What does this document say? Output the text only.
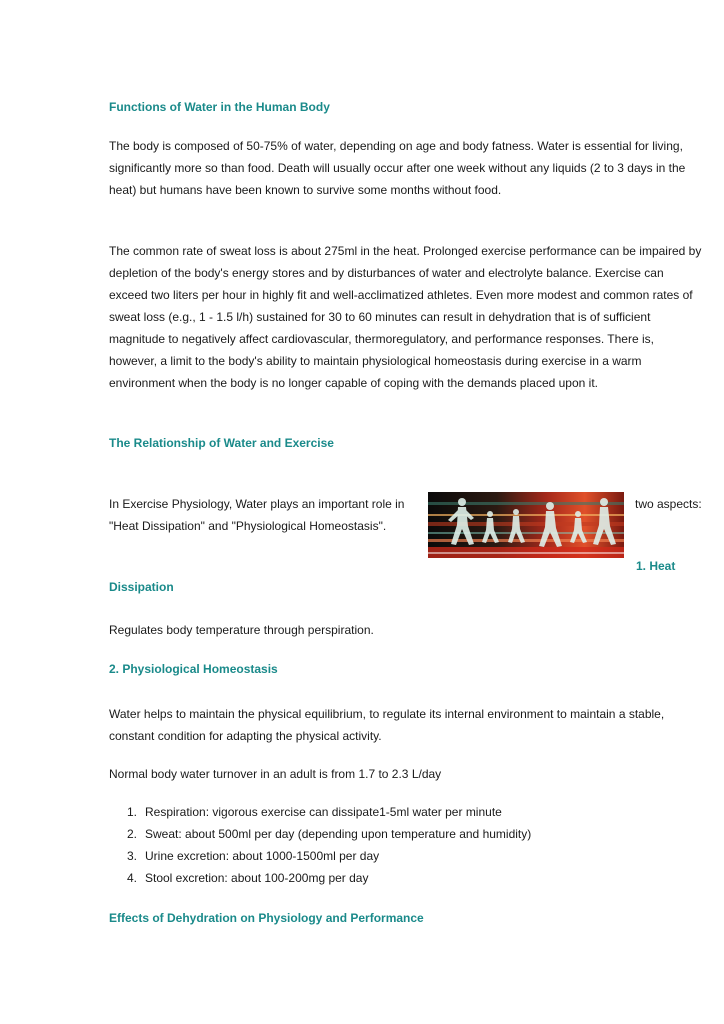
Functions of Water in the Human Body

The body is composed of 50-75% of water, depending on age and body fatness. Water is essential for living,

significantly more so than food. Death will usually occur after one week without any liquids (2 to 3 days in the

heat) but humans have been known to survive some months without food.

The common rate of sweat loss is about 275ml in the heat. Prolonged exercise performance can be impaired by

depletion of the body's energy stores and by disturbances of water and electrolyte balance. Exercise can

exceed two liters per hour in highly fit and well-acclimatized athletes. Even more modest and common rates of

sweat loss (e.g., 1 - 1.5 l/h) sustained for 30 to 60 minutes can result in dehydration that is of sufficient

magnitude to negatively affect cardiovascular, thermoregulatory, and performance responses. There is,

however, a limit to the body's ability to maintain physiological homeostasis during exercise in a warm

environment when the body is no longer capable of coping with the demands placed upon it.

The Relationship of Water and Exercise
In Exercise Physiology, Water plays an important role in	two aspects:
"Heat Dissipation" and "Physiological Homeostasis".
1. Heat
Dissipation
Regulates body temperature through perspiration.
2. Physiological Homeostasis

Water helps to maintain the physical equilibrium, to regulate its internal environment to maintain a stable,

constant condition for adapting the physical activity.

Normal body water turnover in an adult is from 1.7 to 2.3 L/day
1. Respiration: vigorous exercise can dissipate1-5ml water per minute
2. Sweat: about 500ml per day (depending upon temperature and humidity)
3. Urine excretion: about 1000-1500ml per day
4. Stool excretion: about 100-200mg per day
Effects of Dehydration on Physiology and Performance
